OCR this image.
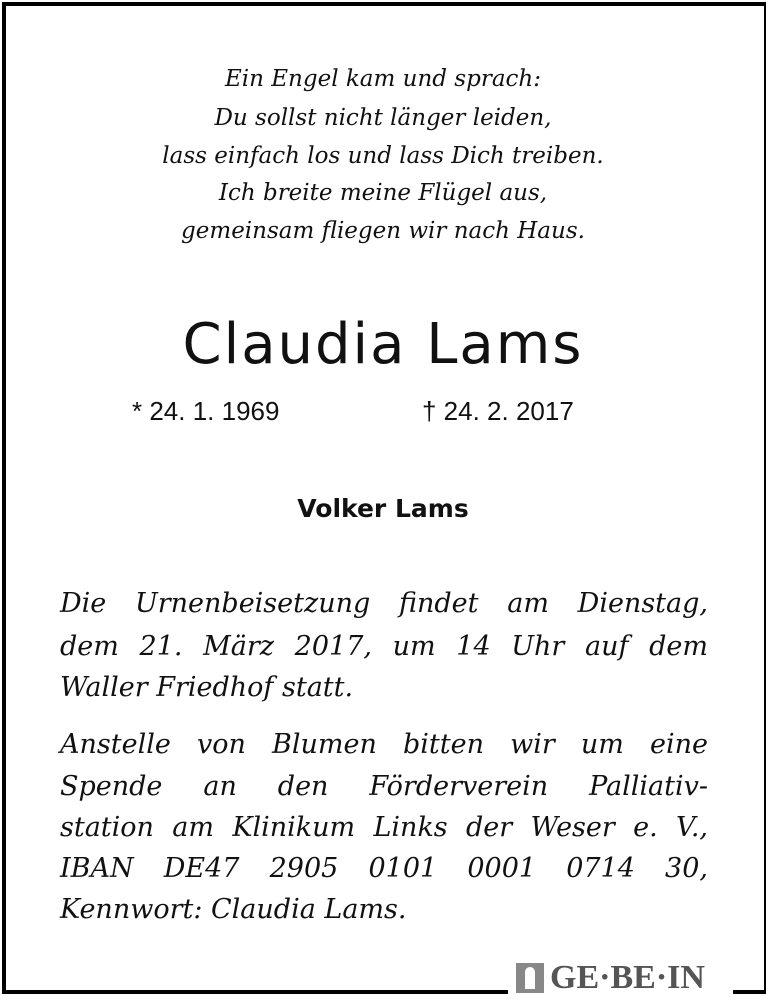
Ein Engel kam und sprach:
Du sollst nicht länger leiden,
lass einfach los und lass Dich treiben.
Ich breite meine Flügel aus,
gemeinsam fliegen wir nach Haus.
Claudia Lams
* 24. 1. 1969	† 24. 2. 2017
Volker Lams
Die Urnenbeisetzung findet am Dienstag,
dem 21. März 2017, um 14 Uhr auf dem
Waller Friedhof statt.
Anstelle von Blumen bitten wir um eine
Spende an den Förderverein Palliativ-
station am Klinikum Links der Weser e. V.,
IBAN DE47 2905 0101 0001 0714 30,
Kennwort: Claudia Lams.
GE·BE·IN
